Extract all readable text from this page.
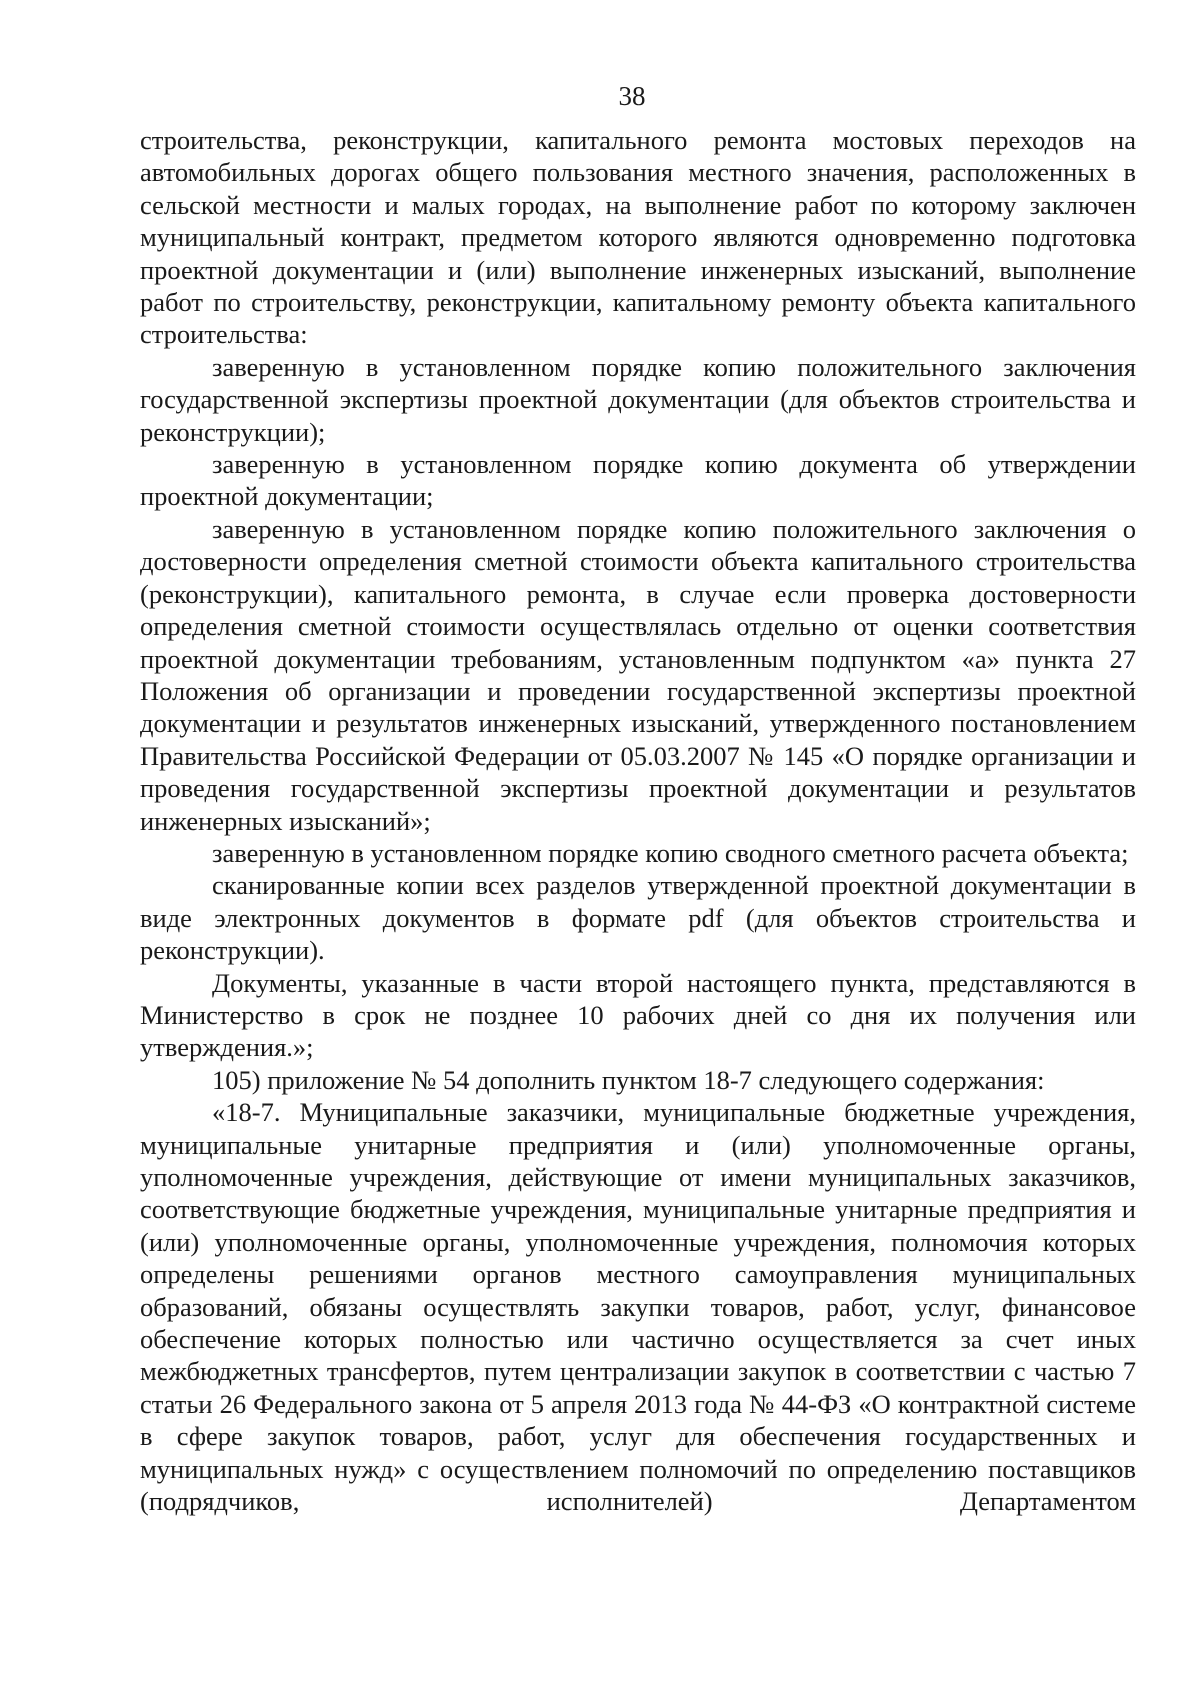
38

строительства, реконструкции, капитального ремонта мостовых переходов на автомобильных дорогах общего пользования местного значения, расположенных в сельской местности и малых городах, на выполнение работ по которому заключен муниципальный контракт, предметом которого являются одновременно подготовка проектной документации и (или) выполнение инженерных изысканий, выполнение работ по строительству, реконструкции, капитальному ремонту объекта капитального строительства:

заверенную в установленном порядке копию положительного заключения государственной экспертизы проектной документации (для объектов строительства и реконструкции);

заверенную в установленном порядке копию документа об утверждении проектной документации;

заверенную в установленном порядке копию положительного заключения о достоверности определения сметной стоимости объекта капитального строительства (реконструкции), капитального ремонта, в случае если проверка достоверности определения сметной стоимости осуществлялась отдельно от оценки соответствия проектной документации требованиям, установленным подпунктом «а» пункта 27 Положения об организации и проведении государственной экспертизы проектной документации и результатов инженерных изысканий, утвержденного постановлением Правительства Российской Федерации от 05.03.2007 № 145 «О порядке организации и проведения государственной экспертизы проектной документации и результатов инженерных изысканий»;

заверенную в установленном порядке копию сводного сметного расчета объекта;

сканированные копии всех разделов утвержденной проектной документации в виде электронных документов в формате pdf (для объектов строительства и реконструкции).

Документы, указанные в части второй настоящего пункта, представляются в Министерство в срок не позднее 10 рабочих дней со дня их получения или утверждения.»;

105) приложение № 54 дополнить пунктом 18-7 следующего содержания:

«18-7. Муниципальные заказчики, муниципальные бюджетные учреждения, муниципальные унитарные предприятия и (или) уполномоченные органы, уполномоченные учреждения, действующие от имени муниципальных заказчиков, соответствующие бюджетные учреждения, муниципальные унитарные предприятия и (или) уполномоченные органы, уполномоченные учреждения, полномочия которых определены решениями органов местного самоуправления муниципальных образований, обязаны осуществлять закупки товаров, работ, услуг, финансовое обеспечение которых полностью или частично осуществляется за счет иных межбюджетных трансфертов, путем централизации закупок в соответствии с частью 7 статьи 26 Федерального закона от 5 апреля 2013 года № 44-ФЗ «О контрактной системе в сфере закупок товаров, работ, услуг для обеспечения государственных и муниципальных нужд» с осуществлением полномочий по определению поставщиков (подрядчиков, исполнителей) Департаментом
